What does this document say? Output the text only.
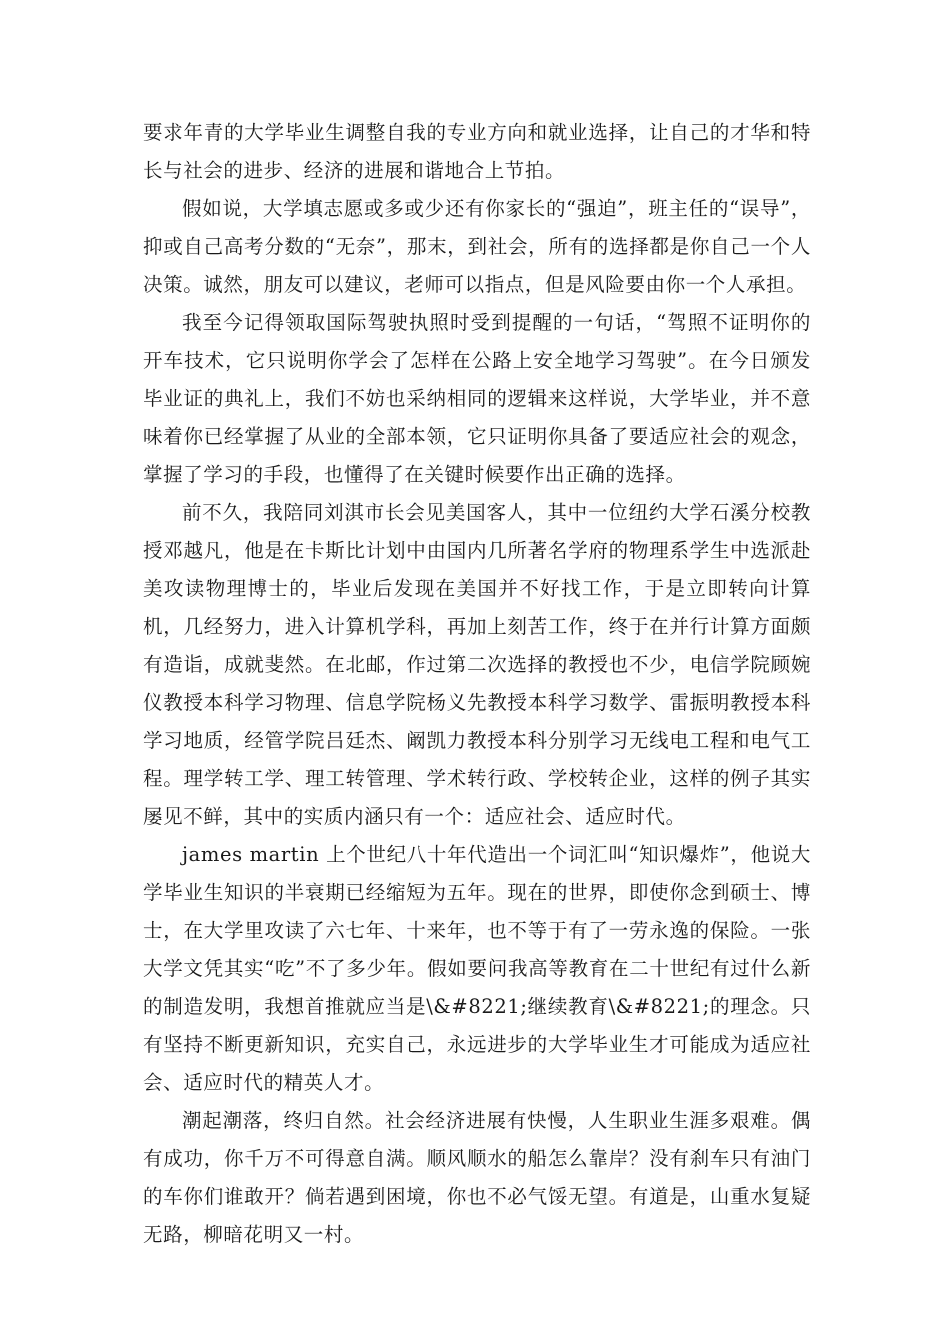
要求年青的大学毕业生调整自我的专业方向和就业选择，让自己的才华和特长与社会的进步、经济的进展和谐地合上节拍。

假如说，大学填志愿或多或少还有你家长的“强迫”，班主任的“误导”，抑或自己高考分数的“无奈”，那末，到社会，所有的选择都是你自己一个人决策。诚然，朋友可以建议，老师可以指点，但是风险要由你一个人承担。

我至今记得领取国际驾驶执照时受到提醒的一句话，“驾照不证明你的开车技术，它只说明你学会了怎样在公路上安全地学习驾驶”。在今日颁发毕业证的典礼上，我们不妨也采纳相同的逻辑来这样说，大学毕业，并不意味着你已经掌握了从业的全部本领，它只证明你具备了要适应社会的观念，掌握了学习的手段，也懂得了在关键时候要作出正确的选择。

前不久，我陪同刘淇市长会见美国客人，其中一位纽约大学石溪分校教授邓越凡，他是在卡斯比计划中由国内几所著名学府的物理系学生中选派赴美攻读物理博士的，毕业后发现在美国并不好找工作，于是立即转向计算机，几经努力，进入计算机学科，再加上刻苦工作，终于在并行计算方面颇有造诣，成就斐然。在北邮，作过第二次选择的教授也不少，电信学院顾婉仪教授本科学习物理、信息学院杨义先教授本科学习数学、雷振明教授本科学习地质，经管学院吕廷杰、阚凯力教授本科分别学习无线电工程和电气工程。理学转工学、理工转管理、学术转行政、学校转企业，这样的例子其实屡见不鲜，其中的实质内涵只有一个：适应社会、适应时代。

james martin 上个世纪八十年代造出一个词汇叫“知识爆炸”，他说大学毕业生知识的半衰期已经缩短为五年。现在的世界，即使你念到硕士、博士，在大学里攻读了六七年、十来年，也不等于有了一劳永逸的保险。一张大学文凭其实“吃”不了多少年。假如要问我高等教育在二十世纪有过什么新的制造发明，我想首推就应当是\&#8221;继续教育\&#8221;的理念。只有坚持不断更新知识，充实自己，永远进步的大学毕业生才可能成为适应社会、适应时代的精英人才。

潮起潮落，终归自然。社会经济进展有快慢，人生职业生涯多艰难。偶有成功，你千万不可得意自满。顺风顺水的船怎么靠岸？没有刹车只有油门的车你们谁敢开？倘若遇到困境，你也不必气馁无望。有道是，山重水复疑无路，柳暗花明又一村。
